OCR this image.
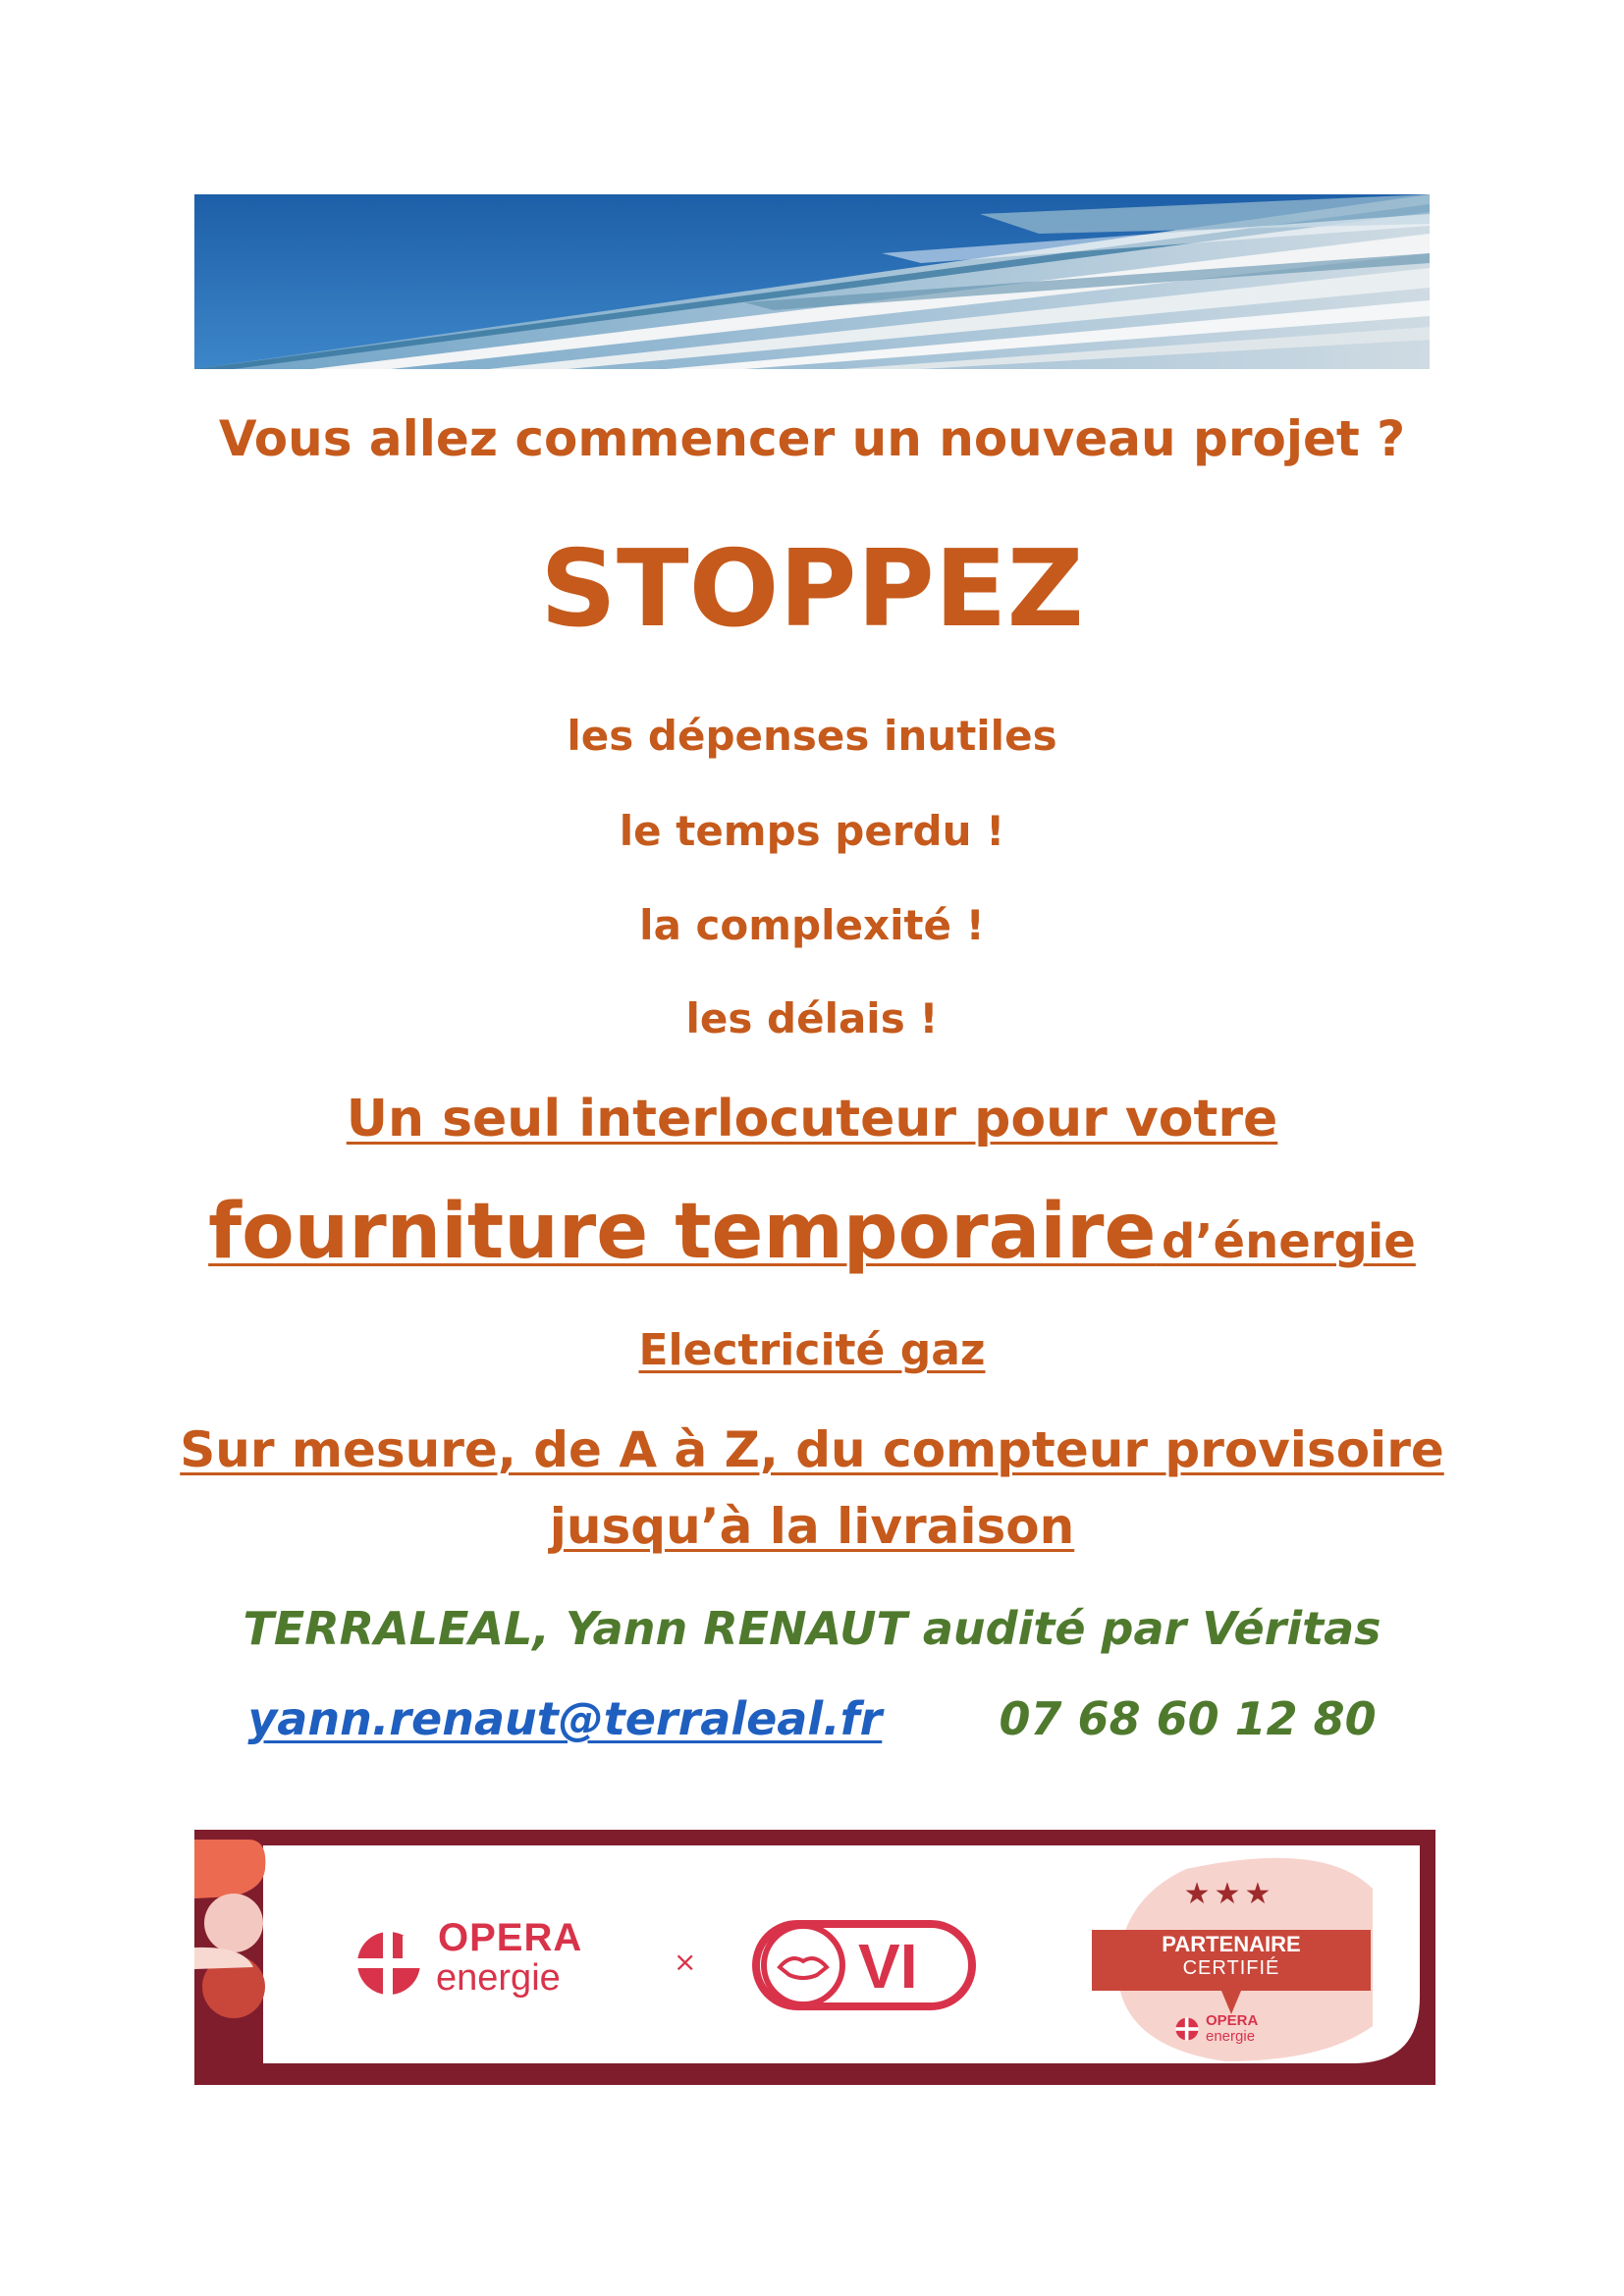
Vous allez commencer un nouveau projet ?
STOPPEZ
les dépenses inutiles
le temps perdu !
la complexité !
les délais !
Un seul interlocuteur pour votre
fourniture temporaire d’énergie
Electricité gaz
Sur mesure, de A à Z, du compteur provisoire
jusqu’à la livraison
TERRALEAL, Yann RENAUT audité par Véritas
yann.renaut@terraleal.fr	07 68 60 12 80
OPERA
energie	×	VI
★★★
PARTENAIRE
CERTIFIÉ
OPERA
energie
